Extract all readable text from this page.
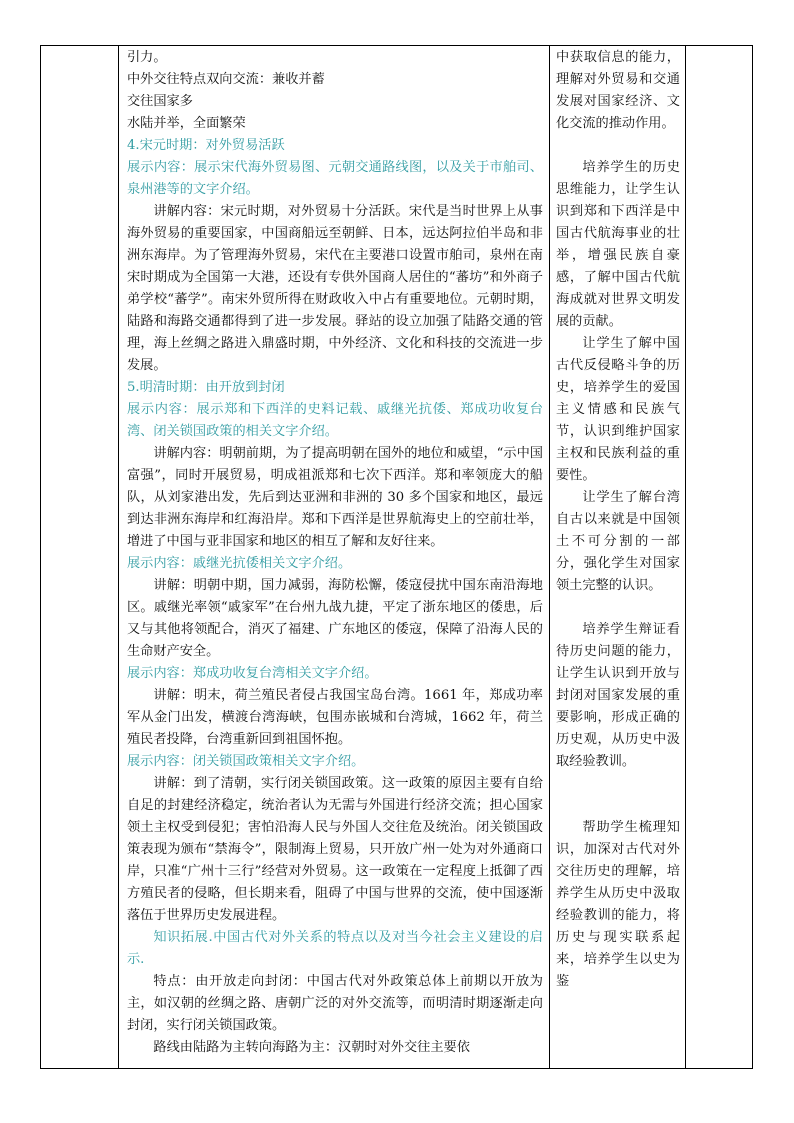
引力。

中外交往特点双向交流：兼收并蓄

交往国家多

水陆并举，全面繁荣

4.宋元时期：对外贸易活跃

展示内容：展示宋代海外贸易图、元朝交通路线图，以及关于市舶司、泉州港等的文字介绍。

讲解内容：宋元时期，对外贸易十分活跃。宋代是当时世界上从事海外贸易的重要国家，中国商船远至朝鲜、日本，远达阿拉伯半岛和非洲东海岸。为了管理海外贸易，宋代在主要港口设置市舶司，泉州在南宋时期成为全国第一大港，还设有专供外国商人居住的“蕃坊”和外商子弟学校“蕃学”。南宋外贸所得在财政收入中占有重要地位。元朝时期，陆路和海路交通都得到了进一步发展。驿站的设立加强了陆路交通的管理，海上丝绸之路进入鼎盛时期，中外经济、文化和科技的交流进一步发展。

5.明清时期：由开放到封闭

展示内容：展示郑和下西洋的史料记载、戚继光抗倭、郑成功收复台湾、闭关锁国政策的相关文字介绍。

讲解内容：明朝前期，为了提高明朝在国外的地位和威望，“示中国富强”，同时开展贸易，明成祖派郑和七次下西洋。郑和率领庞大的船队，从刘家港出发，先后到达亚洲和非洲的 30 多个国家和地区，最远到达非洲东海岸和红海沿岸。郑和下西洋是世界航海史上的空前壮举，增进了中国与亚非国家和地区的相互了解和友好往来。

展示内容：戚继光抗倭相关文字介绍。

讲解：明朝中期，国力减弱，海防松懈，倭寇侵扰中国东南沿海地区。戚继光率领“戚家军”在台州九战九捷，平定了浙东地区的倭患，后又与其他将领配合，消灭了福建、广东地区的倭寇，保障了沿海人民的生命财产安全。

展示内容：郑成功收复台湾相关文字介绍。

讲解：明末，荷兰殖民者侵占我国宝岛台湾。1661 年，郑成功率军从金门出发，横渡台湾海峡，包围赤嵌城和台湾城，1662 年，荷兰殖民者投降，台湾重新回到祖国怀抱。

展示内容：闭关锁国政策相关文字介绍。

讲解：到了清朝，实行闭关锁国政策。这一政策的原因主要有自给自足的封建经济稳定，统治者认为无需与外国进行经济交流；担心国家领土主权受到侵犯；害怕沿海人民与外国人交往危及统治。闭关锁国政策表现为颁布“禁海令”，限制海上贸易，只开放广州一处为对外通商口岸，只准“广州十三行”经营对外贸易。这一政策在一定程度上抵御了西方殖民者的侵略，但长期来看，阻碍了中国与世界的交流，使中国逐渐落伍于世界历史发展进程。

知识拓展.中国古代对外关系的特点以及对当今社会主义建设的启示.

特点：由开放走向封闭：中国古代对外政策总体上前期以开放为主，如汉朝的丝绸之路、唐朝广泛的对外交流等，而明清时期逐渐走向封闭，实行闭关锁国政策。

路线由陆路为主转向海路为主：汉朝时对外交往主要依

中获取信息的能力，理解对外贸易和交通发展对国家经济、文化交流的推动作用。

培养学生的历史思维能力，让学生认识到郑和下西洋是中国古代航海事业的壮举，增强民族自豪感，了解中国古代航海成就对世界文明发展的贡献。

让学生了解中国古代反侵略斗争的历史，培养学生的爱国主义情感和民族气节，认识到维护国家主权和民族利益的重要性。

让学生了解台湾自古以来就是中国领土不可分割的一部分，强化学生对国家领土完整的认识。

培养学生辩证看待历史问题的能力，让学生认识到开放与封闭对国家发展的重要影响，形成正确的历史观，从历史中汲取经验教训。

帮助学生梳理知识，加深对古代对外交往历史的理解，培养学生从历史中汲取经验教训的能力，将历史与现实联系起来，培养学生以史为鉴
